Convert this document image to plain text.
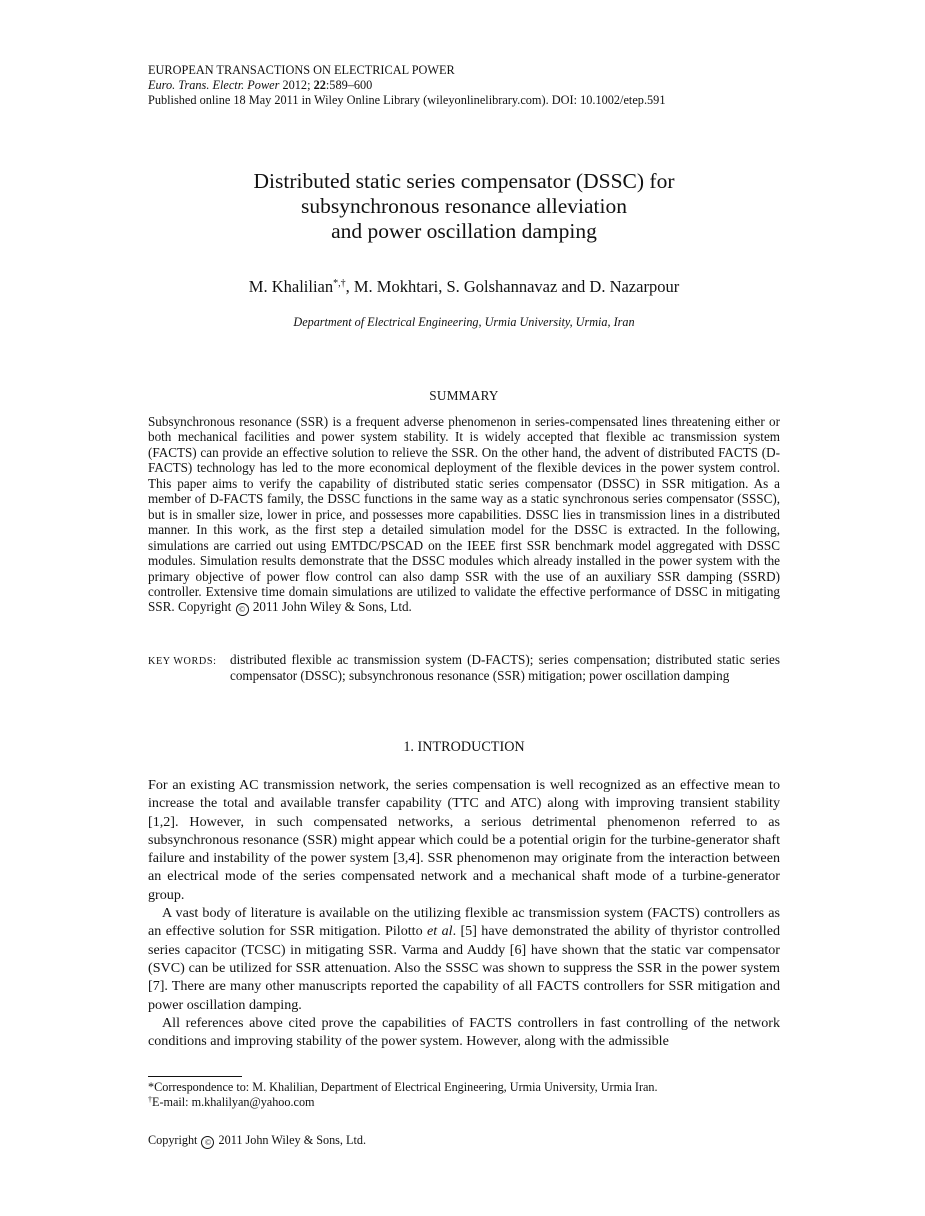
EUROPEAN TRANSACTIONS ON ELECTRICAL POWER
Euro. Trans. Electr. Power 2012; 22:589–600
Published online 18 May 2011 in Wiley Online Library (wileyonlinelibrary.com). DOI: 10.1002/etep.591
Distributed static series compensator (DSSC) for
subsynchronous resonance alleviation
and power oscillation damping
M. Khalilian*,†, M. Mokhtari, S. Golshannavaz and D. Nazarpour
Department of Electrical Engineering, Urmia University, Urmia, Iran
SUMMARY
Subsynchronous resonance (SSR) is a frequent adverse phenomenon in series-compensated lines threatening either or both mechanical facilities and power system stability. It is widely accepted that flexible ac transmission system (FACTS) can provide an effective solution to relieve the SSR. On the other hand, the advent of distributed FACTS (D-FACTS) technology has led to the more economical deployment of the flexible devices in the power system control. This paper aims to verify the capability of distributed static series compensator (DSSC) in SSR mitigation. As a member of D-FACTS family, the DSSC functions in the same way as a static synchronous series compensator (SSSC), but is in smaller size, lower in price, and possesses more capabilities. DSSC lies in transmission lines in a distributed manner. In this work, as the first step a detailed simulation model for the DSSC is extracted. In the following, simulations are carried out using EMTDC/PSCAD on the IEEE first SSR benchmark model aggregated with DSSC modules. Simulation results demonstrate that the DSSC modules which already installed in the power system with the primary objective of power flow control can also damp SSR with the use of an auxiliary SSR damping (SSRD) controller. Extensive time domain simulations are utilized to validate the effective performance of DSSC in mitigating SSR. Copyright © 2011 John Wiley & Sons, Ltd.
KEY WORDS: distributed flexible ac transmission system (D-FACTS); series compensation; distributed static series compensator (DSSC); subsynchronous resonance (SSR) mitigation; power oscillation damping
1. INTRODUCTION

For an existing AC transmission network, the series compensation is well recognized as an effective mean to increase the total and available transfer capability (TTC and ATC) along with improving transient stability [1,2]. However, in such compensated networks, a serious detrimental phenomenon referred to as subsynchronous resonance (SSR) might appear which could be a potential origin for the turbine-generator shaft failure and instability of the power system [3,4]. SSR phenomenon may originate from the interaction between an electrical mode of the series compensated network and a mechanical shaft mode of a turbine-generator group.

A vast body of literature is available on the utilizing flexible ac transmission system (FACTS) controllers as an effective solution for SSR mitigation. Pilotto et al. [5] have demonstrated the ability of thyristor controlled series capacitor (TCSC) in mitigating SSR. Varma and Auddy [6] have shown that the static var compensator (SVC) can be utilized for SSR attenuation. Also the SSSC was shown to suppress the SSR in the power system [7]. There are many other manuscripts reported the capability of all FACTS controllers for SSR mitigation and power oscillation damping.

All references above cited prove the capabilities of FACTS controllers in fast controlling of the network conditions and improving stability of the power system. However, along with the admissible

*Correspondence to: M. Khalilian, Department of Electrical Engineering, Urmia University, Urmia Iran.
†E-mail: m.khalilyan@yahoo.com
Copyright © 2011 John Wiley & Sons, Ltd.
